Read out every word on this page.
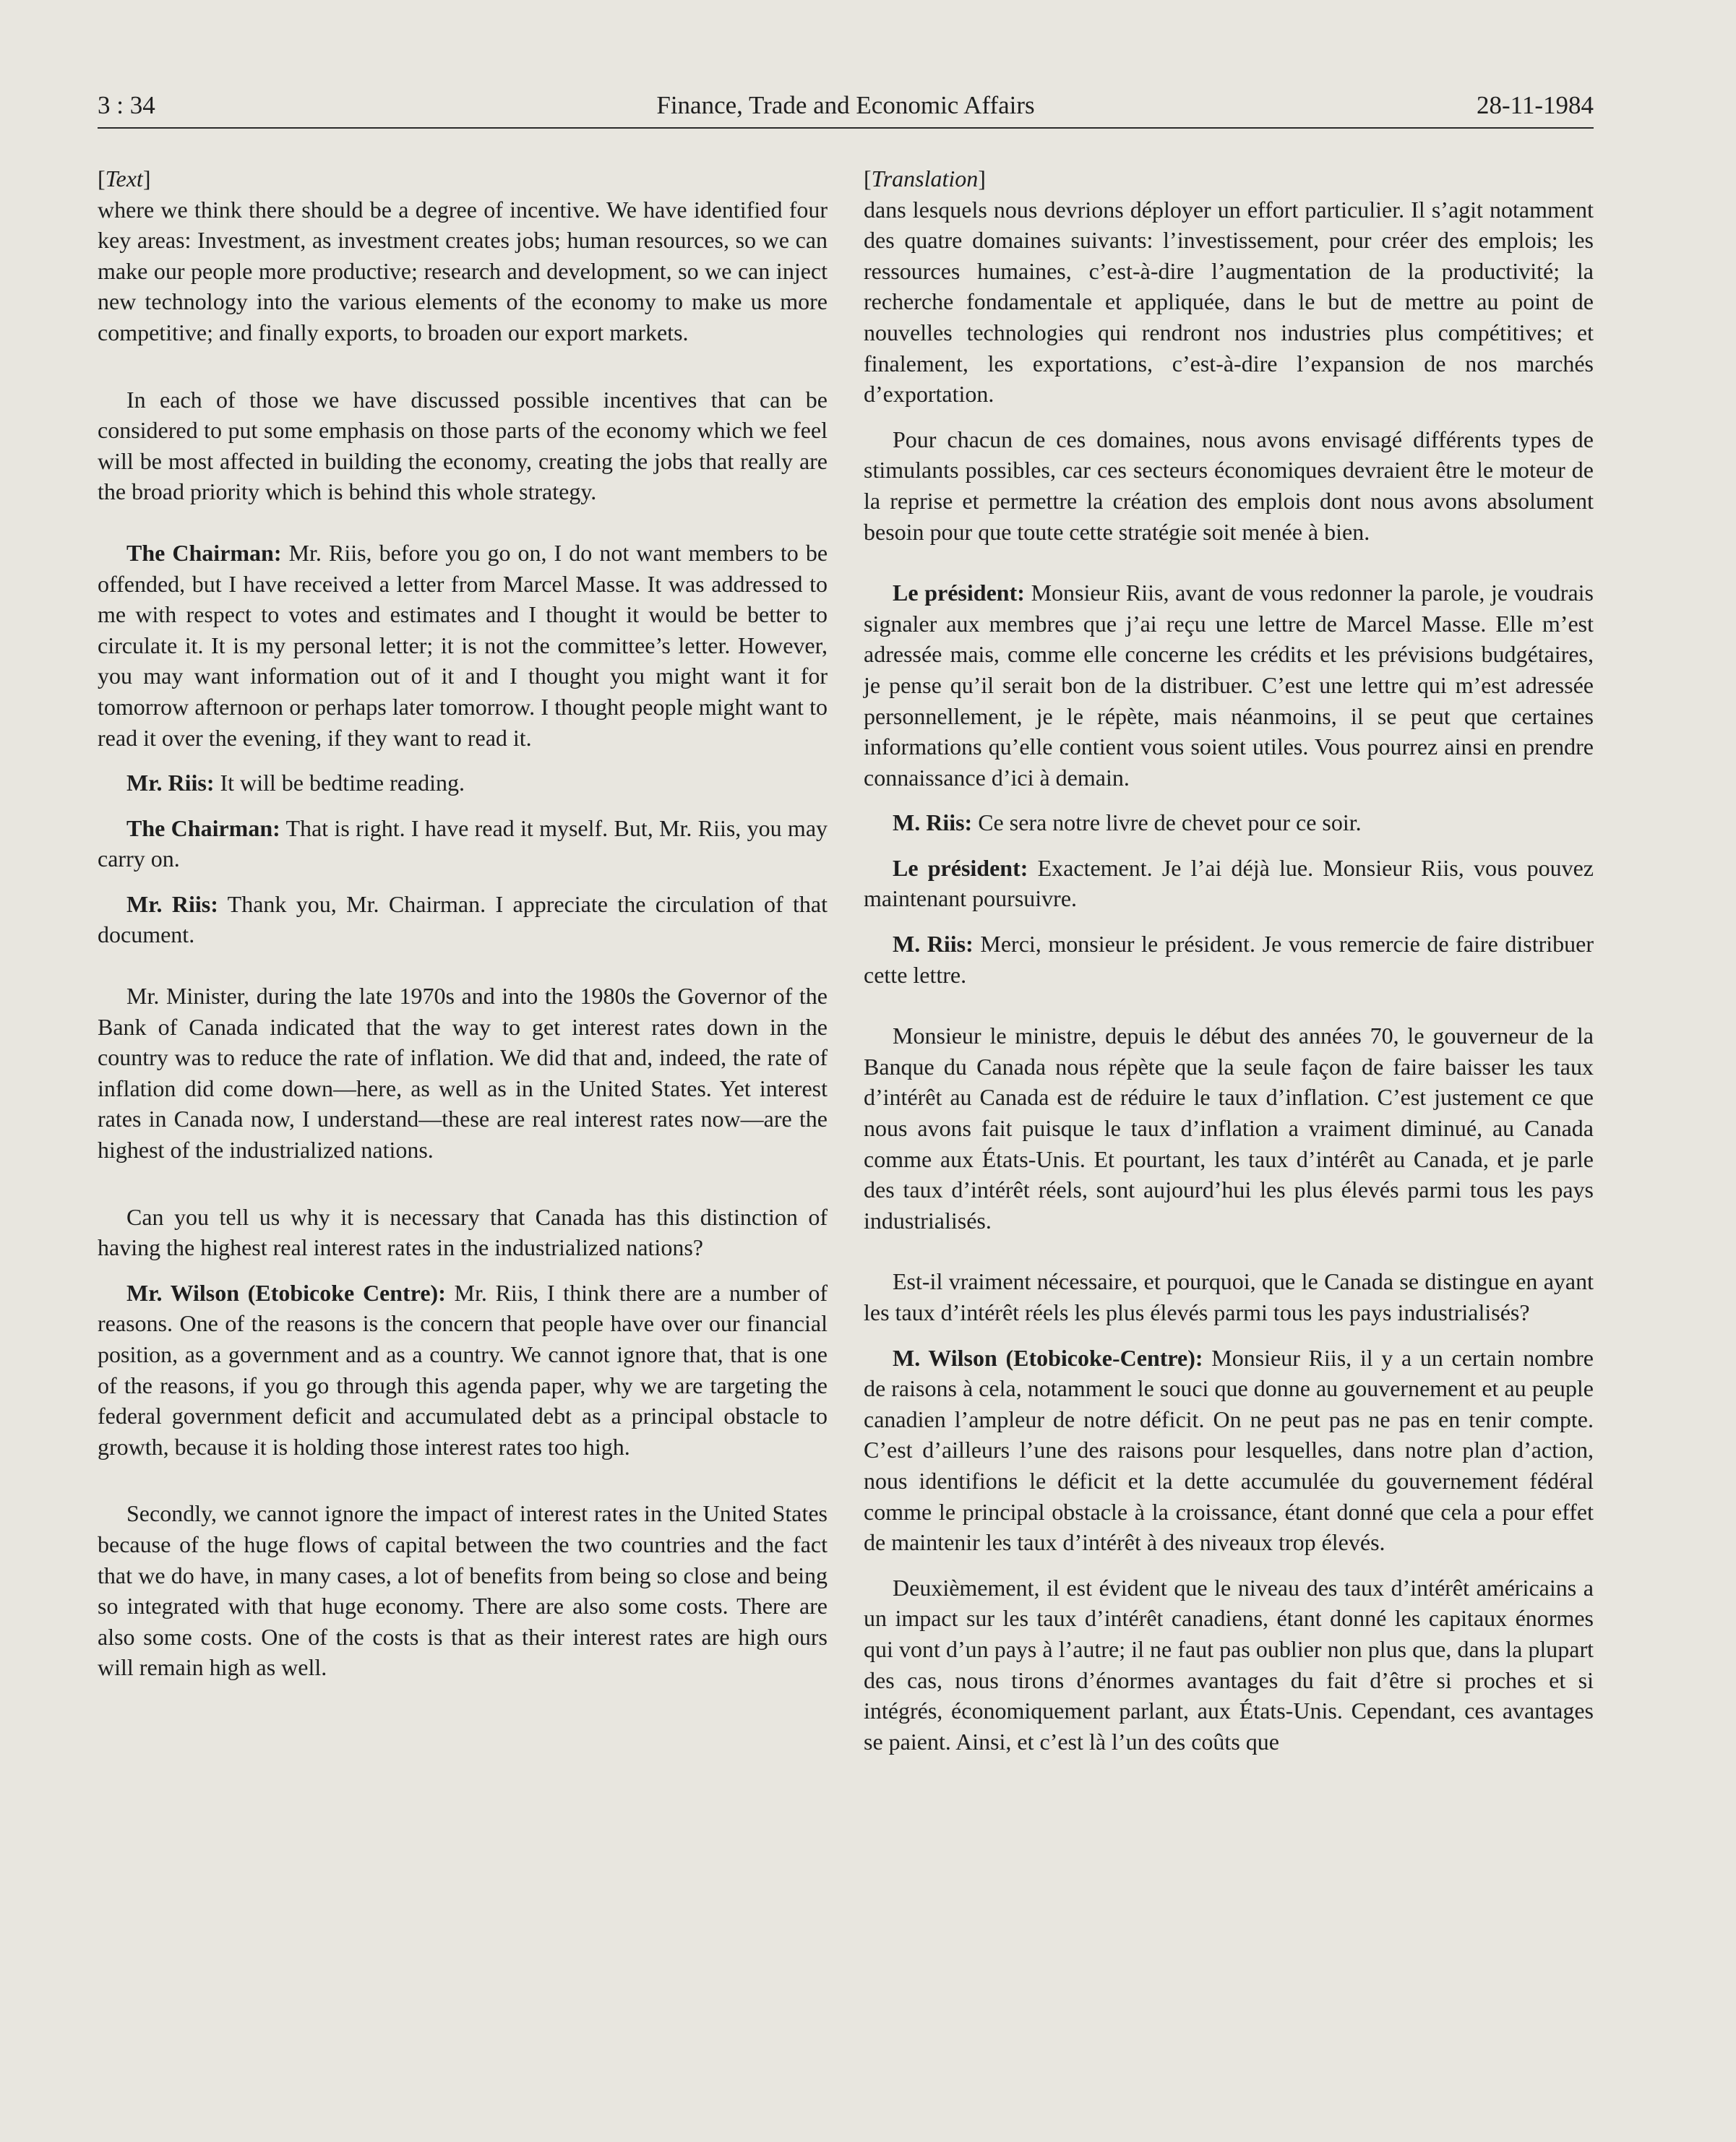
3 : 34	Finance, Trade and Economic Affairs	28-11-1984

[Text]

where we think there should be a degree of incentive. We have identified four key areas: Investment, as investment creates jobs; human resources, so we can make our people more productive; research and development, so we can inject new technology into the various elements of the economy to make us more competitive; and finally exports, to broaden our export markets.

In each of those we have discussed possible incentives that can be considered to put some emphasis on those parts of the economy which we feel will be most affected in building the economy, creating the jobs that really are the broad priority which is behind this whole strategy.

The Chairman: Mr. Riis, before you go on, I do not want members to be offended, but I have received a letter from Marcel Masse. It was addressed to me with respect to votes and estimates and I thought it would be better to circulate it. It is my personal letter; it is not the committee’s letter. However, you may want information out of it and I thought you might want it for tomorrow afternoon or perhaps later tomorrow. I thought people might want to read it over the evening, if they want to read it.

Mr. Riis: It will be bedtime reading.

The Chairman: That is right. I have read it myself. But, Mr. Riis, you may carry on.

Mr. Riis: Thank you, Mr. Chairman. I appreciate the circulation of that document.

Mr. Minister, during the late 1970s and into the 1980s the Governor of the Bank of Canada indicated that the way to get interest rates down in the country was to reduce the rate of inflation. We did that and, indeed, the rate of inflation did come down—here, as well as in the United States. Yet interest rates in Canada now, I understand—these are real interest rates now—are the highest of the industrialized nations.

Can you tell us why it is necessary that Canada has this distinction of having the highest real interest rates in the industrialized nations?

Mr. Wilson (Etobicoke Centre): Mr. Riis, I think there are a number of reasons. One of the reasons is the concern that people have over our financial position, as a government and as a country. We cannot ignore that, that is one of the reasons, if you go through this agenda paper, why we are targeting the federal government deficit and accumulated debt as a principal obstacle to growth, because it is holding those interest rates too high.

Secondly, we cannot ignore the impact of interest rates in the United States because of the huge flows of capital between the two countries and the fact that we do have, in many cases, a lot of benefits from being so close and being so integrated with that huge economy. There are also some costs. There are also some costs. One of the costs is that as their interest rates are high ours will remain high as well.

[Translation]

dans lesquels nous devrions déployer un effort particulier. Il s’agit notamment des quatre domaines suivants: l’investissement, pour créer des emplois; les ressources humaines, c’est-à-dire l’augmentation de la productivité; la recherche fondamentale et appliquée, dans le but de mettre au point de nouvelles technologies qui rendront nos industries plus compétitives; et finalement, les exportations, c’est-à-dire l’expansion de nos marchés d’exportation.

Pour chacun de ces domaines, nous avons envisagé différents types de stimulants possibles, car ces secteurs économiques devraient être le moteur de la reprise et permettre la création des emplois dont nous avons absolument besoin pour que toute cette stratégie soit menée à bien.

Le président: Monsieur Riis, avant de vous redonner la parole, je voudrais signaler aux membres que j’ai reçu une lettre de Marcel Masse. Elle m’est adressée mais, comme elle concerne les crédits et les prévisions budgétaires, je pense qu’il serait bon de la distribuer. C’est une lettre qui m’est adressée personnellement, je le répète, mais néanmoins, il se peut que certaines informations qu’elle contient vous soient utiles. Vous pourrez ainsi en prendre connaissance d’ici à demain.

M. Riis: Ce sera notre livre de chevet pour ce soir.

Le président: Exactement. Je l’ai déjà lue. Monsieur Riis, vous pouvez maintenant poursuivre.

M. Riis: Merci, monsieur le président. Je vous remercie de faire distribuer cette lettre.

Monsieur le ministre, depuis le début des années 70, le gouverneur de la Banque du Canada nous répète que la seule façon de faire baisser les taux d’intérêt au Canada est de réduire le taux d’inflation. C’est justement ce que nous avons fait puisque le taux d’inflation a vraiment diminué, au Canada comme aux États-Unis. Et pourtant, les taux d’intérêt au Canada, et je parle des taux d’intérêt réels, sont aujourd’hui les plus élevés parmi tous les pays industrialisés.

Est-il vraiment nécessaire, et pourquoi, que le Canada se distingue en ayant les taux d’intérêt réels les plus élevés parmi tous les pays industrialisés?

M. Wilson (Etobicoke-Centre): Monsieur Riis, il y a un certain nombre de raisons à cela, notamment le souci que donne au gouvernement et au peuple canadien l’ampleur de notre déficit. On ne peut pas ne pas en tenir compte. C’est d’ailleurs l’une des raisons pour lesquelles, dans notre plan d’action, nous identifions le déficit et la dette accumulée du gouvernement fédéral comme le principal obstacle à la croissance, étant donné que cela a pour effet de maintenir les taux d’intérêt à des niveaux trop élevés.

Deuxièmement, il est évident que le niveau des taux d’intérêt américains a un impact sur les taux d’intérêt canadiens, étant donné les capitaux énormes qui vont d’un pays à l’autre; il ne faut pas oublier non plus que, dans la plupart des cas, nous tirons d’énormes avantages du fait d’être si proches et si intégrés, économiquement parlant, aux États-Unis. Cependant, ces avantages se paient. Ainsi, et c’est là l’un des coûts que
